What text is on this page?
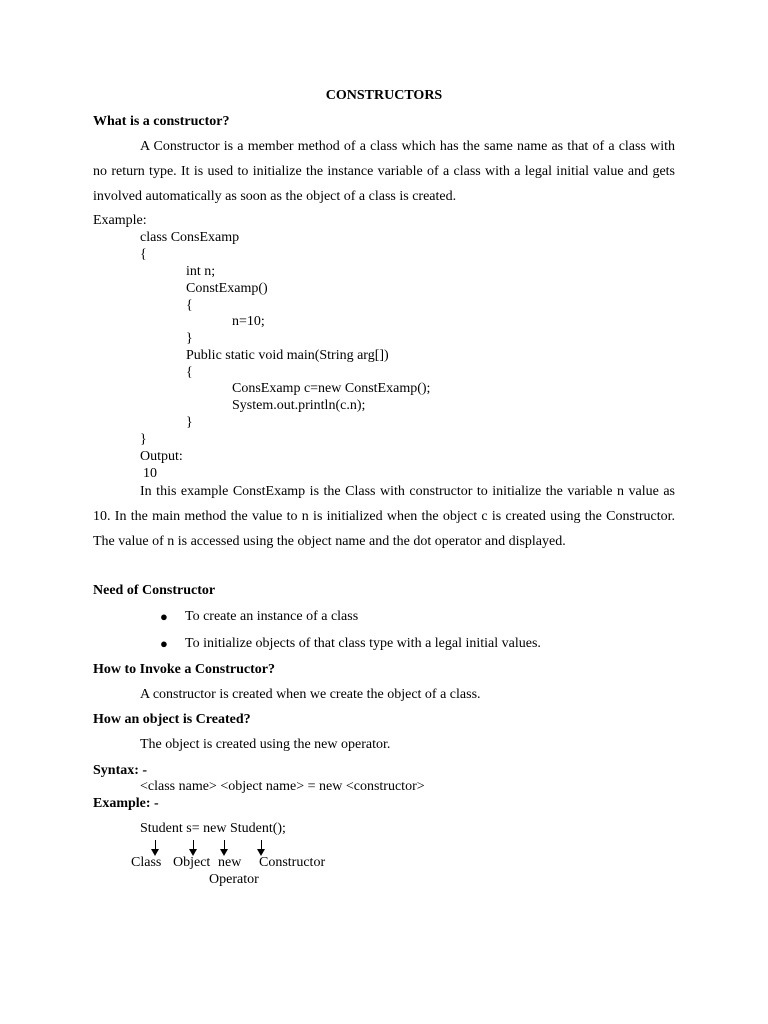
CONSTRUCTORS
What is a constructor?
A Constructor is a member method of a class which has the same name as that of a class with no return type. It is used to initialize the instance variable of a class with a legal initial value and gets involved automatically as soon as the object of a class is created.
Example:
class ConsExamp
{
int n;
ConstExamp()
{
n=10;
}
Public static void main(String arg[])
{
ConsExamp c=new ConstExamp();
System.out.println(c.n);
}
}
Output:
10
In this example ConstExamp is the Class with constructor to initialize the variable n value as 10. In the main method the value to n is initialized when the object c is created using the Constructor. The value of n is accessed using the object name and the dot operator and displayed.
Need of Constructor
● To create an instance of a class
● To initialize objects of that class type with a legal initial values.
How to Invoke a Constructor?
A constructor is created when we create the object of a class.
How an object is Created?
The object is created using the new operator.
Syntax: -
<class name> <object name> = new <constructor>
Example: -
Student s= new Student();
Class Object new Constructor
Operator
